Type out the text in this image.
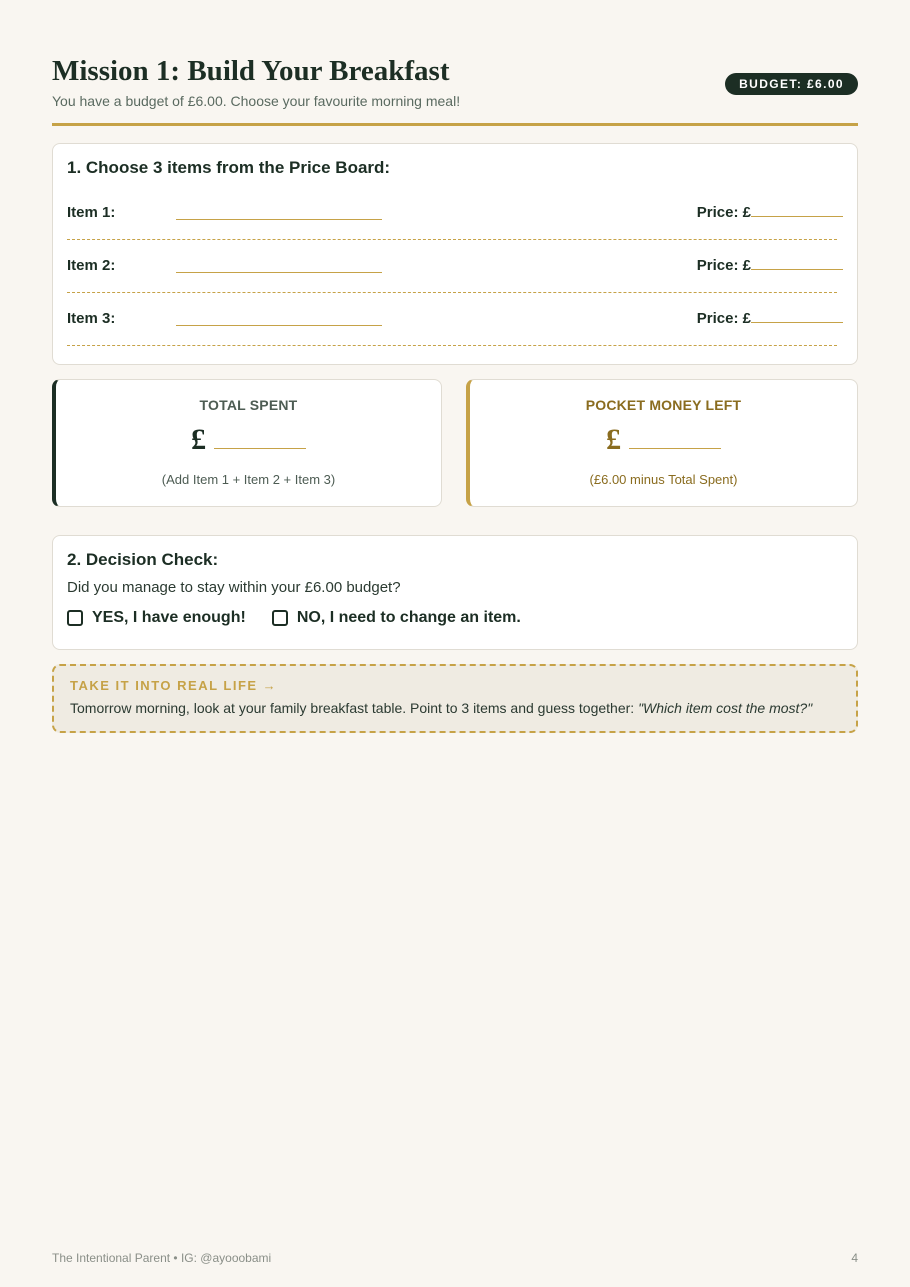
Mission 1: Build Your Breakfast
You have a budget of £6.00. Choose your favourite morning meal!
BUDGET: £6.00
1. Choose 3 items from the Price Board:
Item 1:	Price: £
Item 2:	Price: £
Item 3:	Price: £
TOTAL SPENT
£
(Add Item 1 + Item 2 + Item 3)
POCKET MONEY LEFT
£
(£6.00 minus Total Spent)
2. Decision Check:
Did you manage to stay within your £6.00 budget?
YES, I have enough!	NO, I need to change an item.
TAKE IT INTO REAL LIFE →
Tomorrow morning, look at your family breakfast table. Point to 3 items and guess together: "Which item cost the most?"
The Intentional Parent • IG: @ayooobami	4
